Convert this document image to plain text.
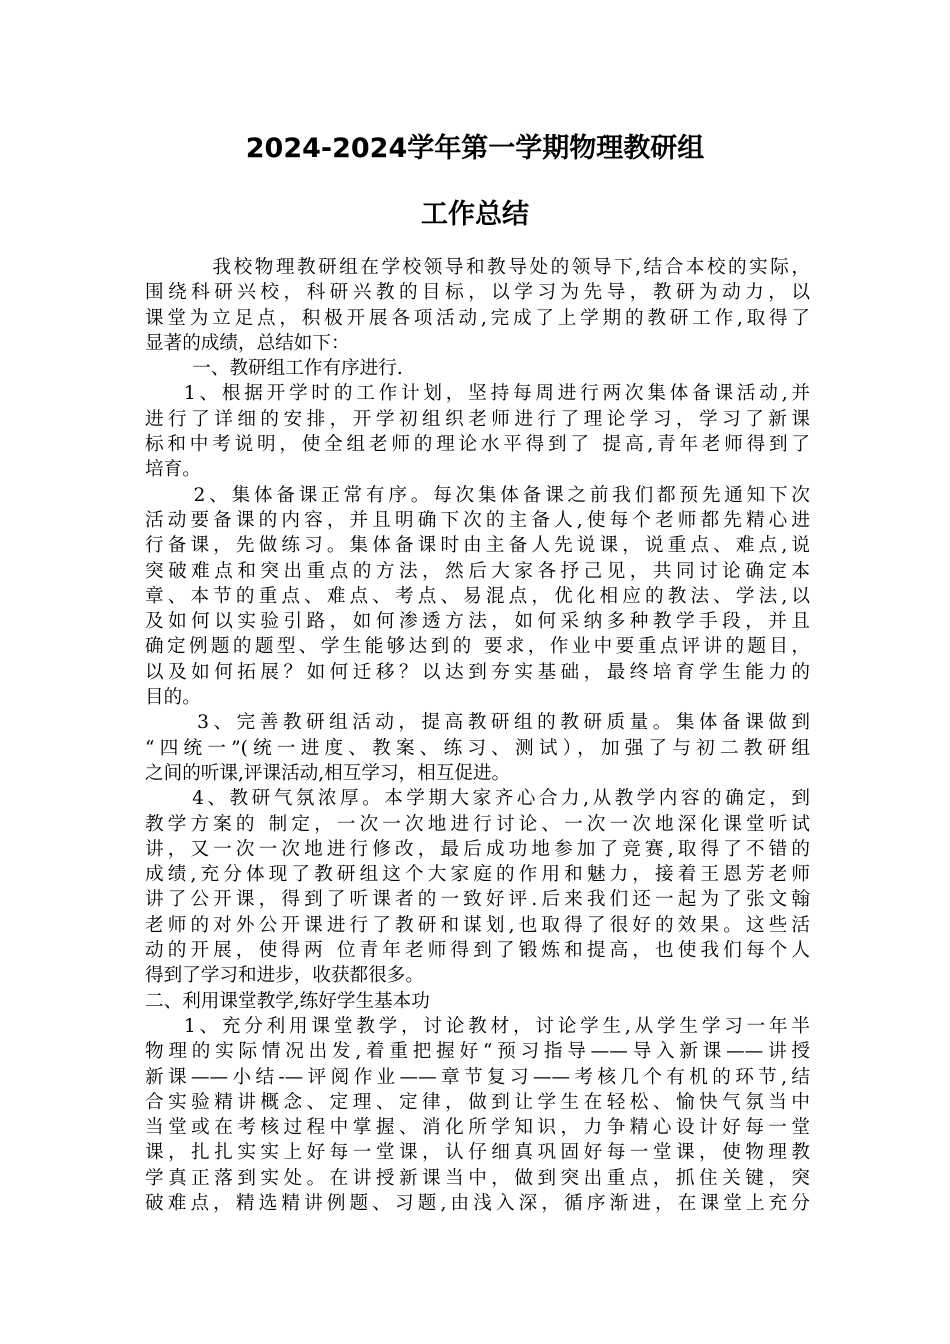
2024-2024学年第一学期物理教研组
工作总结
我校物理教研组在学校领导和教导处的领导下,结合本校的实际，
围绕科研兴校，科研兴教的目标，以学习为先导，教研为动力，以
课堂为立足点，积极开展各项活动,完成了上学期的教研工作,取得了
显著的成绩，总结如下：
一、教研组工作有序进行.
1、根据开学时的工作计划，坚持每周进行两次集体备课活动,并
进行了详细的安排，开学初组织老师进行了理论学习，学习了新课
标和中考说明，使全组老师的理论水平得到了 提高,青年老师得到了
培育。
2、集体备课正常有序。每次集体备课之前我们都预先通知下次
活动要备课的内容，并且明确下次的主备人,使每个老师都先精心进
行备课，先做练习。集体备课时由主备人先说课，说重点、难点,说
突破难点和突出重点的方法，然后大家各抒己见，共同讨论确定本
章、本节的重点、难点、考点、易混点，优化相应的教法、学法,以
及如何以实验引路，如何渗透方法，如何采纳多种教学手段，并且
确定例题的题型、学生能够达到的 要求，作业中要重点评讲的题目，
以及如何拓展？如何迁移？以达到夯实基础，最终培育学生能力的
目的。
3、完善教研组活动，提高教研组的教研质量。集体备课做到
“四统一”(统一进度、教案、练习、测试），加强了与初二教研组
之间的听课,评课活动,相互学习，相互促进。
4、教研气氛浓厚。本学期大家齐心合力,从教学内容的确定，到
教学方案的 制定，一次一次地进行讨论、一次一次地深化课堂听试
讲，又一次一次地进行修改，最后成功地参加了竞赛,取得了不错的
成绩,充分体现了教研组这个大家庭的作用和魅力，接着王恩芳老师
讲了公开课，得到了听课者的一致好评.后来我们还一起为了张文翰
老师的对外公开课进行了教研和谋划,也取得了很好的效果。这些活
动的开展，使得两 位青年老师得到了锻炼和提高，也使我们每个人
得到了学习和进步，收获都很多。
二、利用课堂教学,练好学生基本功
1、充分利用课堂教学，讨论教材，讨论学生,从学生学习一年半
物理的实际情况出发,着重把握好“预习指导——导入新课——讲授
新课——小结-—评阅作业——章节复习——考核几个有机的环节,结
合实验精讲概念、定理、定律，做到让学生在轻松、愉快气氛当中
当堂或在考核过程中掌握、消化所学知识，力争精心设计好每一堂
课，扎扎实实上好每一堂课，认仔细真巩固好每一堂课，使物理教
学真正落到实处。在讲授新课当中，做到突出重点，抓住关键，突
破难点，精选精讲例题、习题,由浅入深，循序渐进，在课堂上充分
